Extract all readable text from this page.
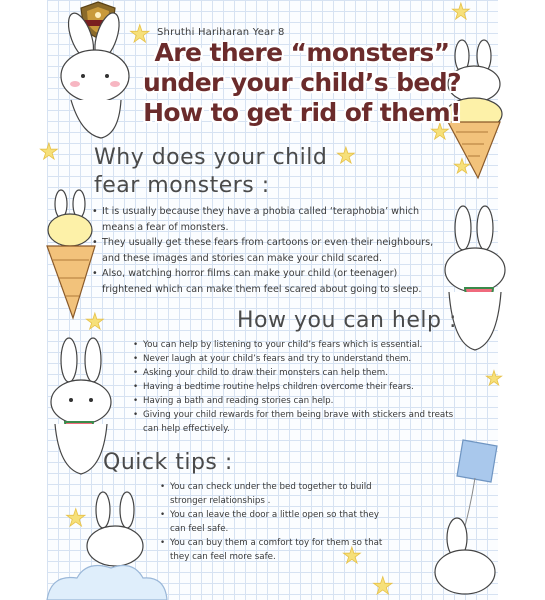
★
★
★
★	★
★
★
★
★
★
★
Shruthi Hariharan Year 8
Are there “monsters”
under your child’s bed?
How to get rid of them!
Why does your child
fear monsters :
• It is usually because they have a phobia called ‘teraphobia’ which means a fear of monsters.
• They usually get these fears from cartoons or even their neighbours, and these images and stories can make your child scared.
• Also, watching horror films can make your child (or teenager) frightened which can make them feel scared about going to sleep.
How you can help :
• You can help by listening to your child’s fears which is essential.
• Never laugh at your child’s fears and try to understand them.
• Asking your child to draw their monsters can help them.
• Having a bedtime routine helps children overcome their fears.
• Having a bath and reading stories can help.
• Giving your child rewards for them being brave with stickers and treats can help effectively.
Quick tips :
• You can check under the bed together to build stronger relationships .
• You can leave the door a little open so that they can feel safe.
• You can buy them a comfort toy for them so that they can feel more safe.
